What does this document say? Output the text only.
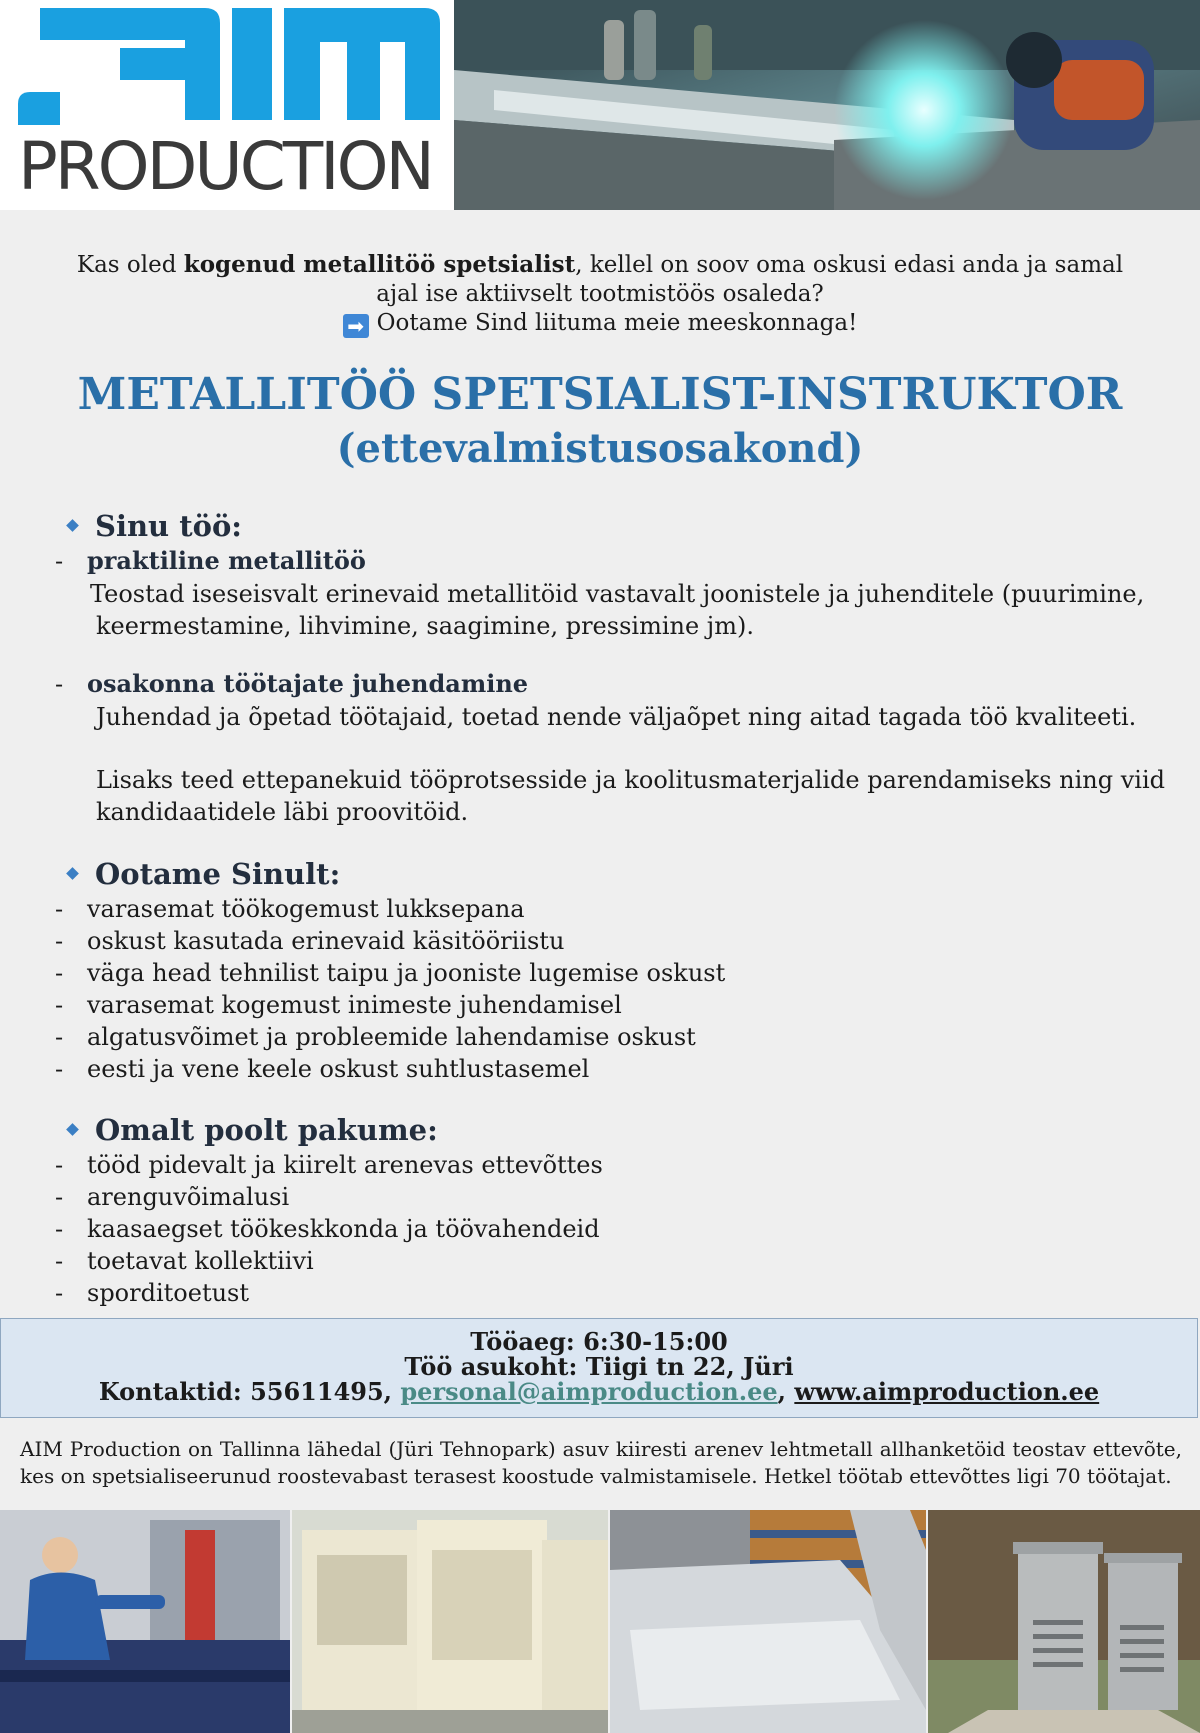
PRODUCTION
Kas oled kogenud metallitöö spetsialist, kellel on soov oma oskusi edasi anda ja samal
ajal ise aktiivselt tootmistöös osaleda?
➡ Ootame Sind liituma meie meeskonnaga!
METALLITÖÖ SPETSIALIST-INSTRUKTOR
(ettevalmistusosakond)
Sinu töö:
- praktiline metallitöö
Teostad iseseisvalt erinevaid metallitöid vastavalt joonistele ja juhenditele (puurimine,
keermestamine, lihvimine, saagimine, pressimine jm).
- osakonna töötajate juhendamine
Juhendad ja õpetad töötajaid, toetad nende väljaõpet ning aitad tagada töö kvaliteeti.
Lisaks teed ettepanekuid tööprotsesside ja koolitusmaterjalide parendamiseks ning viid
kandidaatidele läbi proovitöid.
Ootame Sinult:
- varasemat töökogemust lukksepana
- oskust kasutada erinevaid käsitööriistu
- väga head tehnilist taipu ja jooniste lugemise oskust
- varasemat kogemust inimeste juhendamisel
- algatusvõimet ja probleemide lahendamise oskust
- eesti ja vene keele oskust suhtlustasemel
Omalt poolt pakume:
- tööd pidevalt ja kiirelt arenevas ettevõttes
- arenguvõimalusi
- kaasaegset töökeskkonda ja töövahendeid
- toetavat kollektiivi
- sporditoetust
Tööaeg: 6:30-15:00
Töö asukoht: Tiigi tn 22, Jüri
Kontaktid: 55611495, personal@aimproduction.ee, www.aimproduction.ee
AIM Production on Tallinna lähedal (Jüri Tehnopark) asuv kiiresti arenev lehtmetall allhanketöid teostav ettevõte, kes on spetsialiseerunud roostevabast terasest koostude valmistamisele. Hetkel töötab ettevõttes ligi 70 töötajat.
